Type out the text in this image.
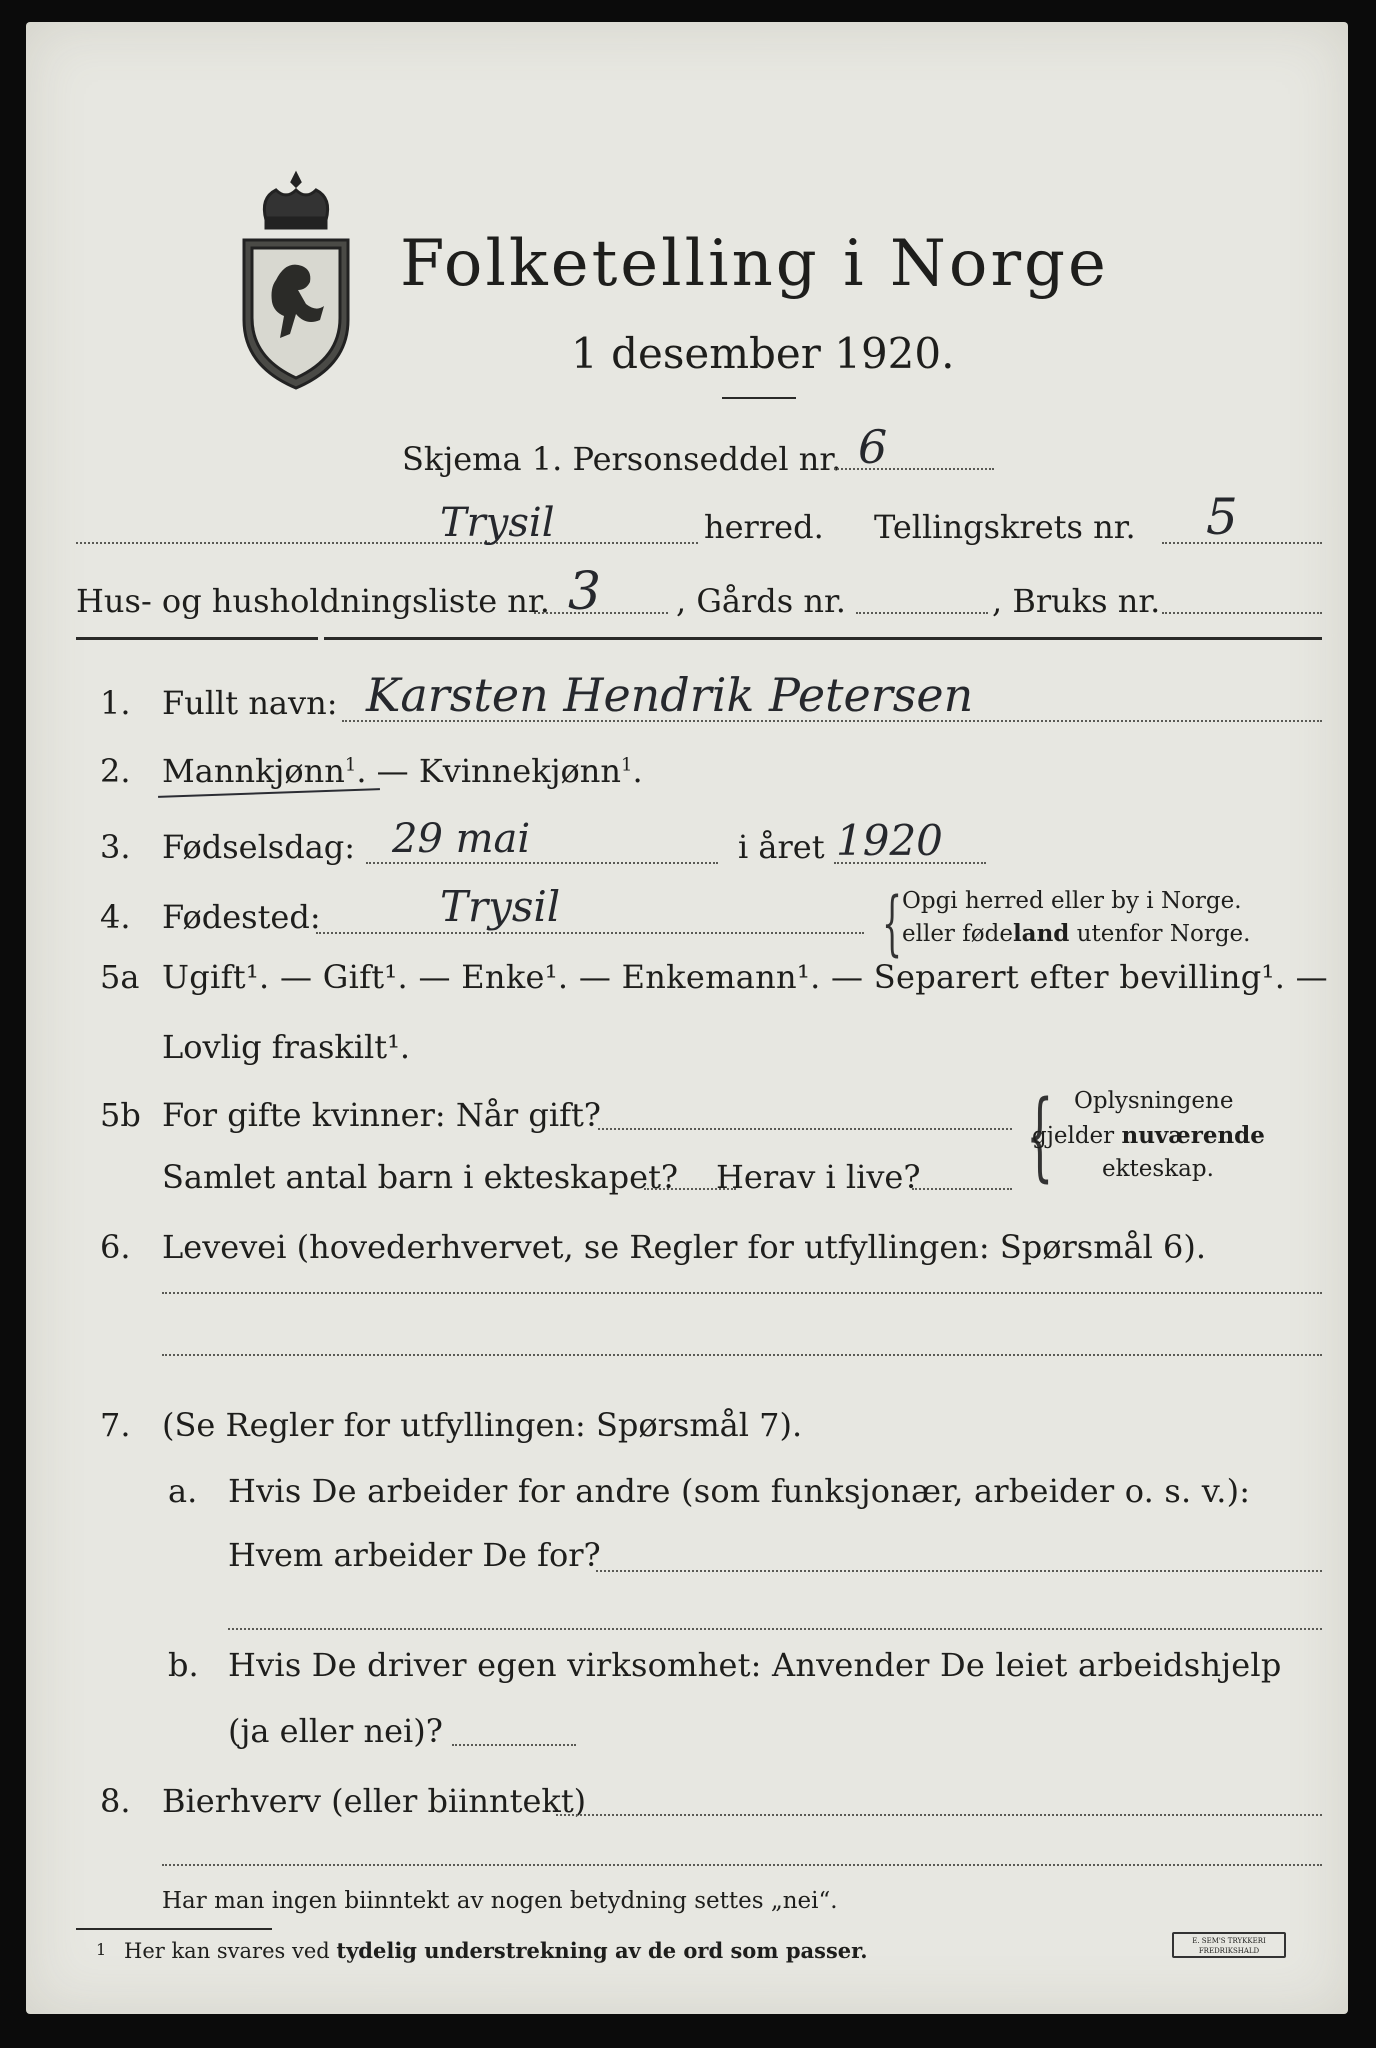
Folketelling i Norge
1 desember 1920.
Skjema 1. Personseddel nr. 6
Trysil	herred. Tellingskrets nr. 5
Hus- og husholdningsliste nr. 3 , Gårds nr.	, Bruks nr.
1. Fullt navn: Karsten Hendrik Petersen
2. Mannkjønn$^1$. — Kvinnekjønn$^1$.
3. Fødselsdag: 29 mai	i året 1920
4. Fødested:	Trysil	{ Opgi herred eller by i Norge.
eller fødeland utenfor Norge.
5a Ugift¹. — Gift¹. — Enke¹. — Enkemann¹. — Separert efter bevilling¹. —
Lovlig fraskilt¹.
5b For gifte kvinner: Når gift?
Samlet antal barn i ekteskapet? Herav i live? { Oplysningene
gjelder nuværende
ekteskap.
6. Levevei (hovederhvervet, se Regler for utfyllingen: Spørsmål 6).
7. (Se Regler for utfyllingen: Spørsmål 7).
a. Hvis De arbeider for andre (som funksjonær, arbeider o. s. v.):
Hvem arbeider De for?
b. Hvis De driver egen virksomhet: Anvender De leiet arbeidshjelp
(ja eller nei)?
8. Bierhverv (eller biinntekt)
Har man ingen biinntekt av nogen betydning settes „nei“.
1 Her kan svares ved tydelig understrekning av de ord som passer.	E. SEM'S TRYKKERI FREDRIKSHALD
